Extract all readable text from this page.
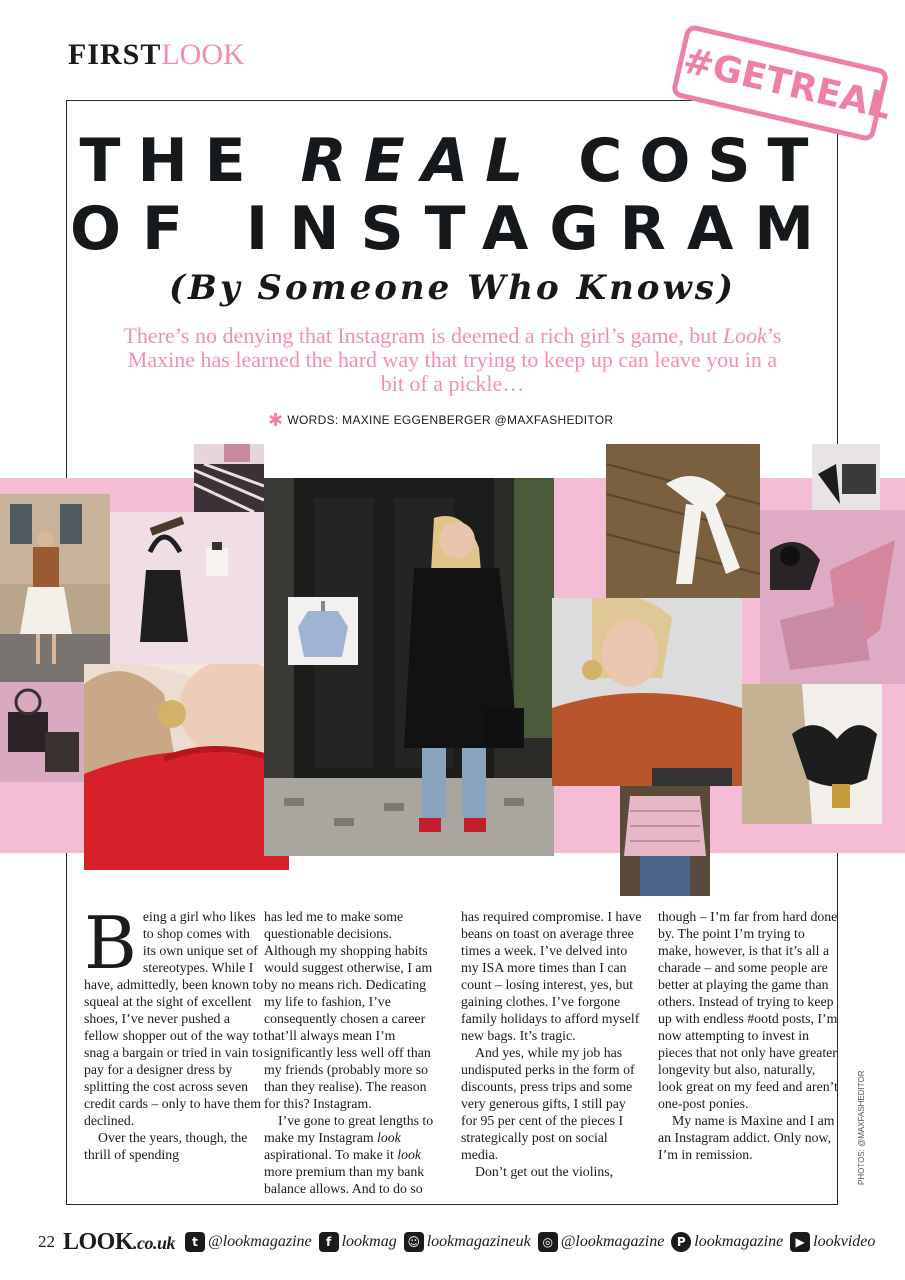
FIRSTLOOK	#GETREAL
THE REAL COST
OF INSTAGRAM
(By Someone Who Knows)
There’s no denying that Instagram is deemed a rich girl’s game, but Look’s Maxine has learned the hard way that trying to keep up can leave you in a bit of a pickle…
✱ WORDS: MAXINE EGGENBERGER @MAXFASHEDITOR
B eing a girl who likes to shop comes with its own unique set of stereotypes. While I have, admittedly, been known to squeal at the sight of excellent shoes, I’ve never pushed a fellow shopper out of the way to snag a bargain or tried in vain to pay for a designer dress by splitting the cost across seven credit cards – only to have them declined.

Over the years, though, the thrill of spending

has led me to make some questionable decisions. Although my shopping habits would suggest otherwise, I am by no means rich. Dedicating my life to fashion, I’ve consequently chosen a career that’ll always mean I’m significantly less well off than my friends (probably more so than they realise). The reason for this? Instagram.

I’ve gone to great lengths to make my Instagram look aspirational. To make it look more premium than my bank balance allows. And to do so

has required compromise. I have beans on toast on average three times a week. I’ve delved into my ISA more times than I can count – losing interest, yes, but gaining clothes. I’ve forgone family holidays to afford myself new bags. It’s tragic.

And yes, while my job has undisputed perks in the form of discounts, press trips and some very generous gifts, I still pay for 95 per cent of the pieces I strategically post on social media.

Don’t get out the violins,

though – I’m far from hard done by. The point I’m trying to make, however, is that it’s all a charade – and some people are better at playing the game than others. Instead of trying to keep up with endless #ootd posts, I’m now attempting to invest in pieces that not only have greater longevity but also, naturally, look great on my feed and aren’t one-post ponies.

My name is Maxine and I am an Instagram addict. Only now, I’m in remission.	PHOTOS: @MAXFASHEDITOR
22 LOOK.co.uk	t @lookmagazine	f lookmag ☺ lookmagazineuk ◎ @lookmagazine	P lookmagazine	▶ lookvideo
